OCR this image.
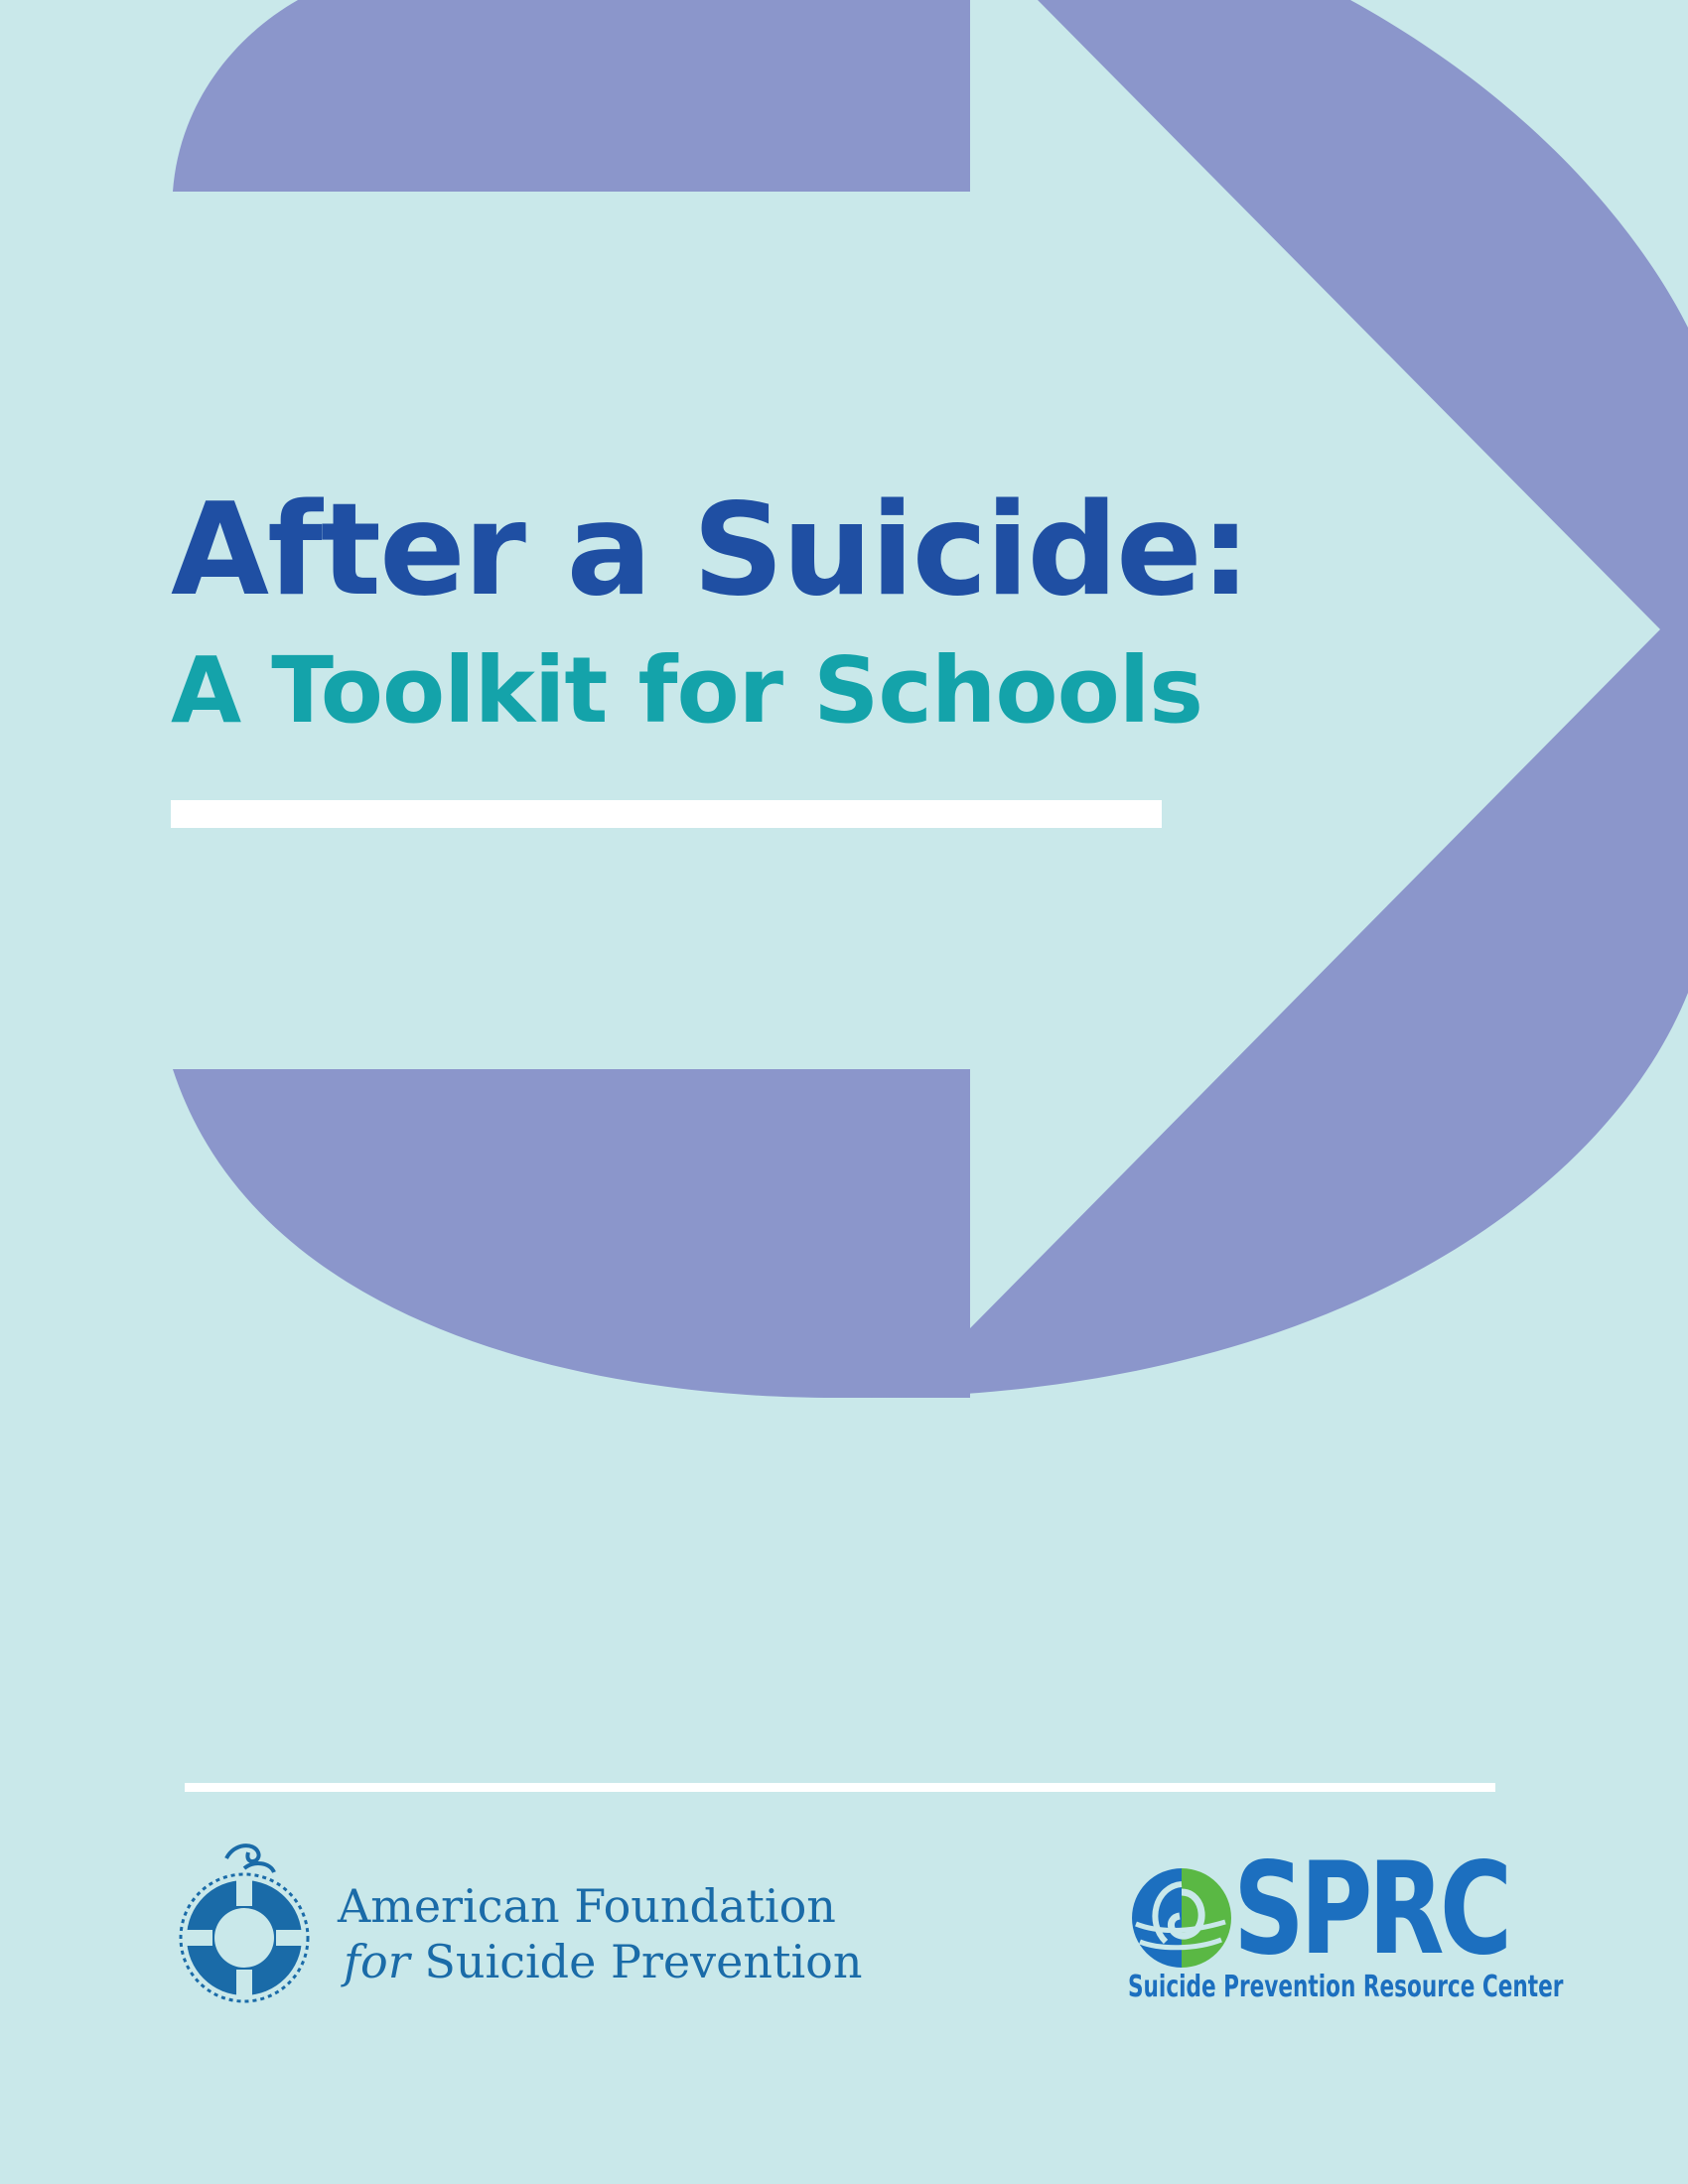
After a Suicide:
A Toolkit for Schools
American Foundation
for Suicide Prevention	SPRC
Suicide Prevention Resource Center
